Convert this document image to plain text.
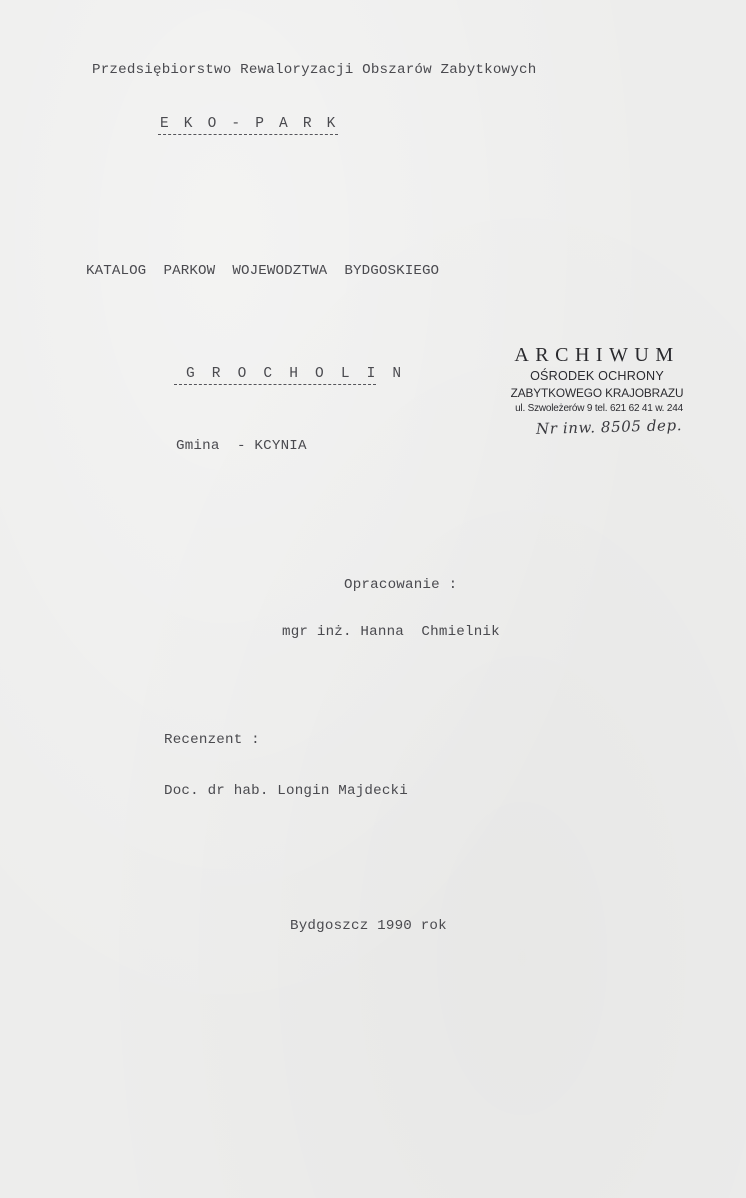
Przedsiębiorstwo Rewaloryzacji Obszarów Zabytkowych
E K O - P A R K
KATALOG  PARKOW  WOJEWODZTWA  BYDGOSKIEGO
G R O C H O L I N
Gmina  - KCYNIA
ARCHIWUM
OŚRODEK OCHRONY
ZABYTKOWEGO KRAJOBRAZU
ul. Szwoleżerów 9 tel. 621 62 41 w. 244
Nr inw. 8505 dep.
Opracowanie :
mgr inż. Hanna  Chmielnik
Recenzent :
Doc. dr hab. Longin Majdecki
Bydgoszcz 1990 rok
